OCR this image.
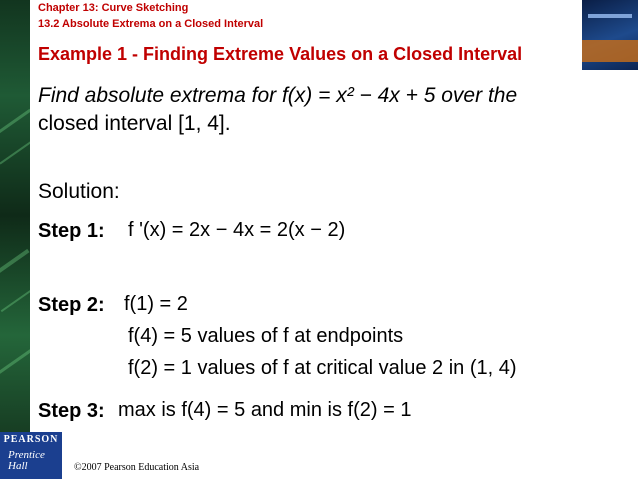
Chapter 13: Curve Sketching
13.2 Absolute Extrema on a Closed Interval
Example 1 - Finding Extreme Values on a Closed Interval
Find absolute extrema for f(x) = x² − 4x + 5 over the
closed interval [1, 4].
Solution:
Step 1: f '(x) = 2x − 4x = 2(x − 2)
Step 2: f(1) = 2
f(4) = 5 values of f at endpoints
f(2) = 1 values of f at critical value 2 in (1, 4)
Step 3: max is f(4) = 5 and min is f(2) = 1
PEARSON
Prentice
Hall	©2007 Pearson Education Asia
